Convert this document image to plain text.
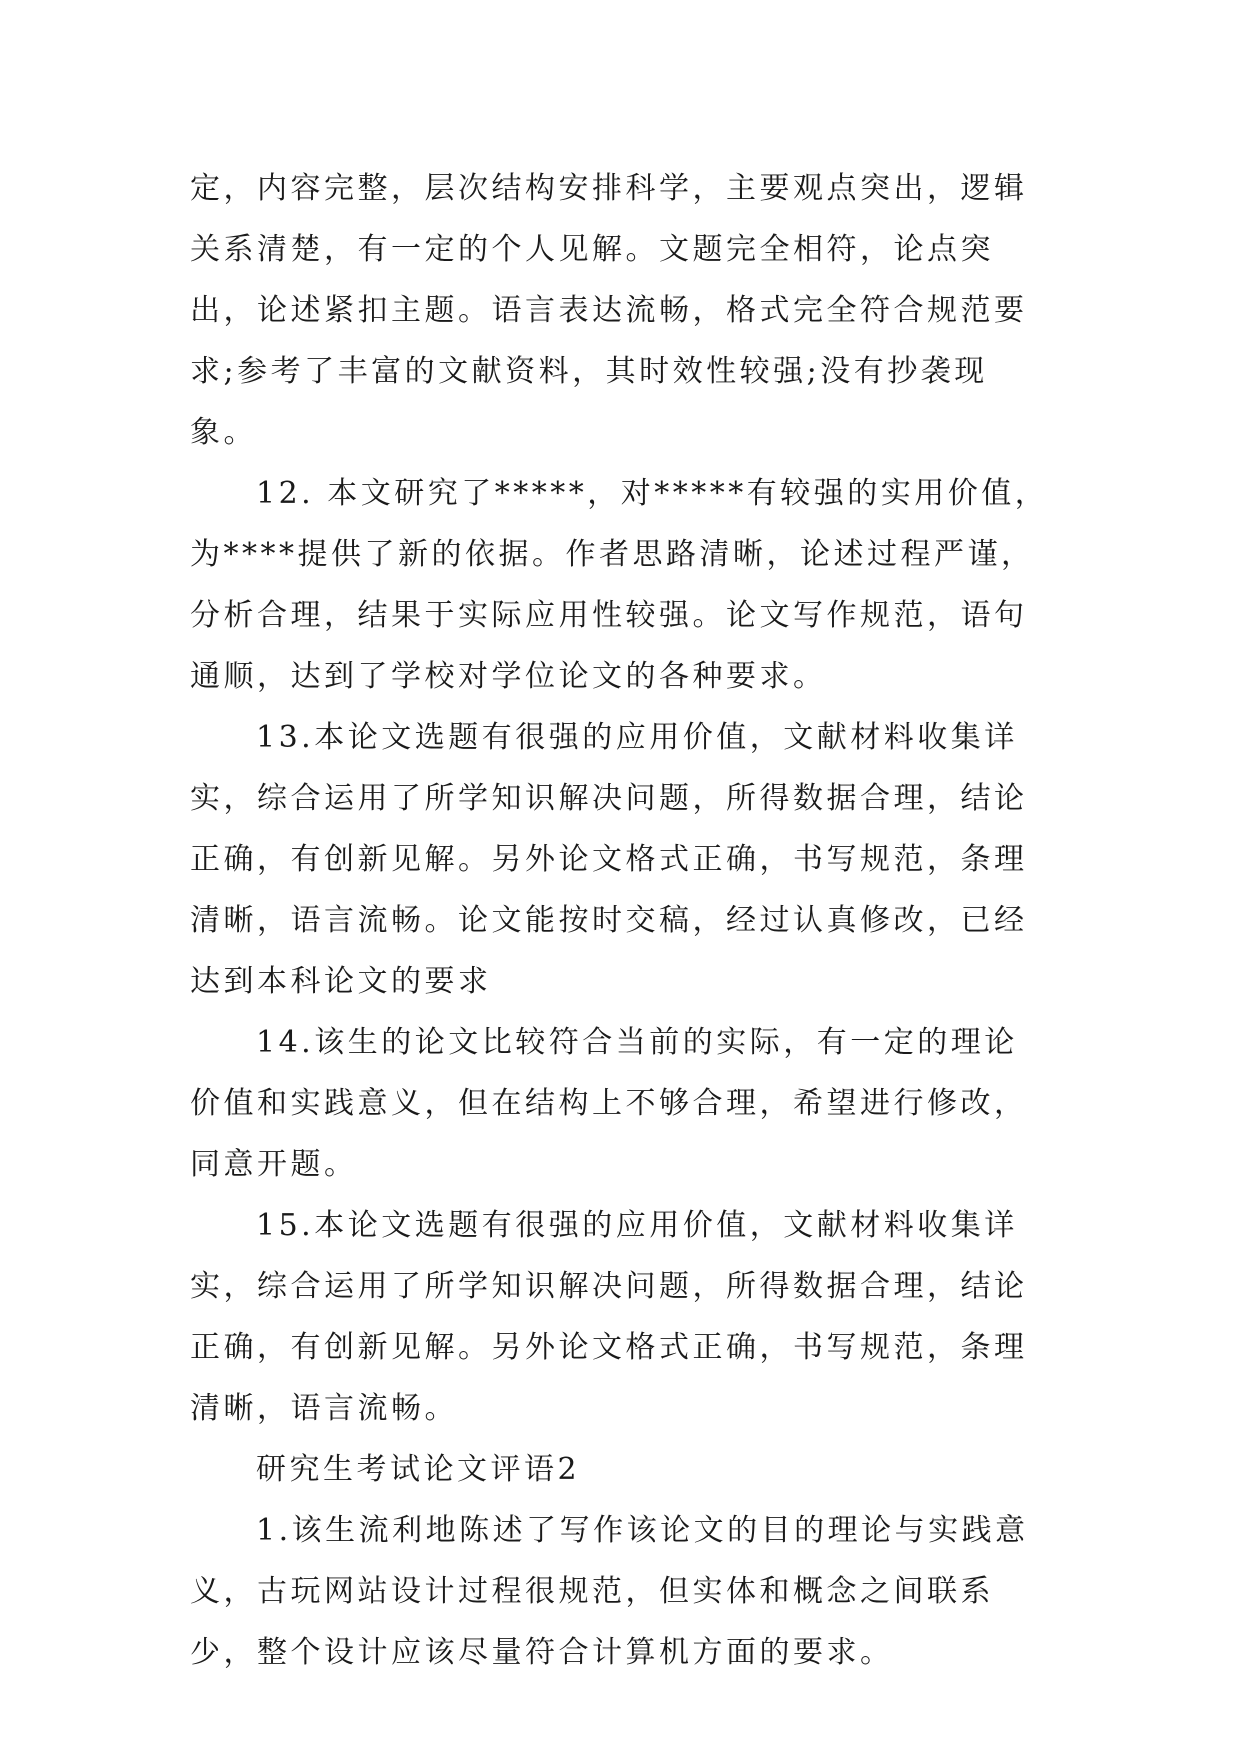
定，内容完整，层次结构安排科学，主要观点突出，逻辑关系清楚，有一定的个人见解。文题完全相符，论点突出，论述紧扣主题。语言表达流畅，格式完全符合规范要求;参考了丰富的文献资料，其时效性较强;没有抄袭现象。

12. 本文研究了*****，对*****有较强的实用价值，为****提供了新的依据。作者思路清晰，论述过程严谨，分析合理，结果于实际应用性较强。论文写作规范，语句通顺，达到了学校对学位论文的各种要求。

13.本论文选题有很强的应用价值，文献材料收集详实，综合运用了所学知识解决问题，所得数据合理，结论正确，有创新见解。另外论文格式正确，书写规范，条理清晰，语言流畅。论文能按时交稿，经过认真修改，已经达到本科论文的要求

14.该生的论文比较符合当前的实际，有一定的理论价值和实践意义，但在结构上不够合理，希望进行修改，同意开题。

15.本论文选题有很强的应用价值，文献材料收集详实，综合运用了所学知识解决问题，所得数据合理，结论正确，有创新见解。另外论文格式正确，书写规范，条理清晰，语言流畅。

研究生考试论文评语2

1.该生流利地陈述了写作该论文的目的理论与实践意义，古玩网站设计过程很规范，但实体和概念之间联系少，整个设计应该尽量符合计算机方面的要求。
